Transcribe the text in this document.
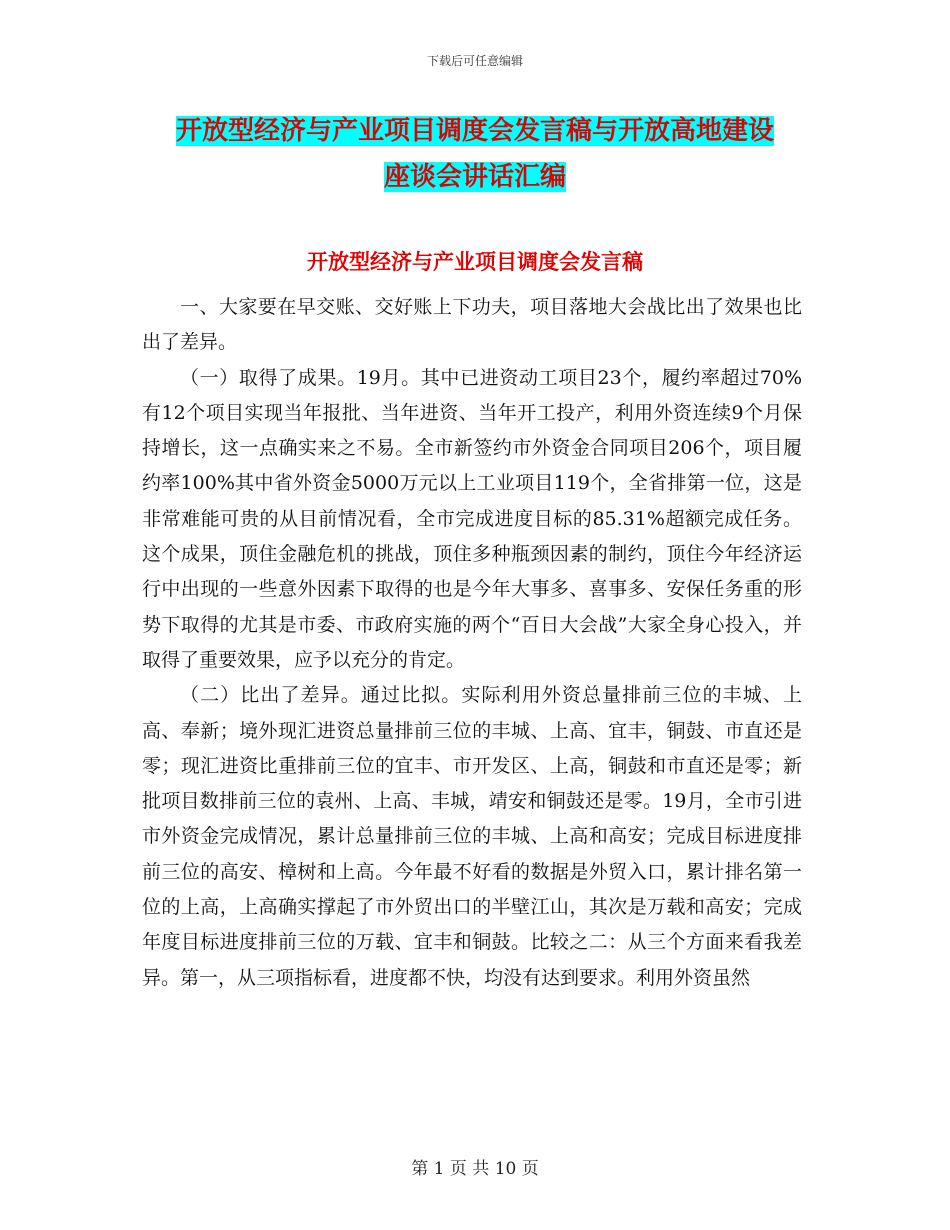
下载后可任意编辑
开放型经济与产业项目调度会发言稿与开放高地建设
座谈会讲话汇编
开放型经济与产业项目调度会发言稿

一、大家要在早交账、交好账上下功夫，项目落地大会战比出了效果也比出了差异。

（一）取得了成果。19月。其中已进资动工项目23个，履约率超过70%有12个项目实现当年报批、当年进资、当年开工投产，利用外资连续9个月保持增长，这一点确实来之不易。全市新签约市外资金合同项目206个，项目履约率100%其中省外资金5000万元以上工业项目119个，全省排第一位，这是非常难能可贵的从目前情况看，全市完成进度目标的85.31%超额完成任务。这个成果，顶住金融危机的挑战，顶住多种瓶颈因素的制约，顶住今年经济运行中出现的一些意外因素下取得的也是今年大事多、喜事多、安保任务重的形势下取得的尤其是市委、市政府实施的两个“百日大会战”大家全身心投入，并取得了重要效果，应予以充分的肯定。

（二）比出了差异。通过比拟。实际利用外资总量排前三位的丰城、上高、奉新；境外现汇进资总量排前三位的丰城、上高、宜丰，铜鼓、市直还是零；现汇进资比重排前三位的宜丰、市开发区、上高，铜鼓和市直还是零；新批项目数排前三位的袁州、上高、丰城，靖安和铜鼓还是零。19月，全市引进市外资金完成情况，累计总量排前三位的丰城、上高和高安；完成目标进度排前三位的高安、樟树和上高。今年最不好看的数据是外贸入口，累计排名第一位的上高，上高确实撑起了市外贸出口的半壁江山，其次是万载和高安；完成年度目标进度排前三位的万载、宜丰和铜鼓。比较之二：从三个方面来看我差异。第一，从三项指标看，进度都不快，均没有达到要求。利用外资虽然

第 1 页 共 10 页
